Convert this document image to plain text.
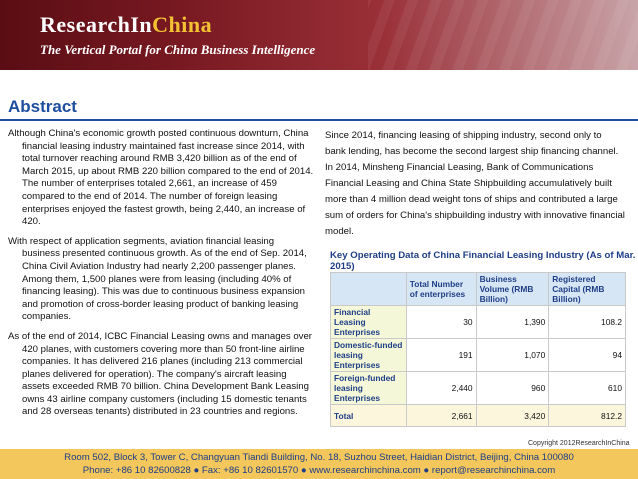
ResearchInChina
The Vertical Portal for China Business Intelligence
Abstract

Although China's economic growth posted continuous downturn, China financial leasing industry maintained fast increase since 2014, with total turnover reaching around RMB 3,420 billion as of the end of March 2015, up about RMB 220 billion compared to the end of 2014. The number of enterprises totaled 2,661, an increase of 459 compared to the end of 2014. The number of foreign leasing enterprises enjoyed the fastest growth, being 2,440, an increase of 420.

With respect of application segments, aviation financial leasing business presented continuous growth. As of the end of Sep. 2014, China Civil Aviation Industry had nearly 2,200 passenger planes. Among them, 1,500 planes were from leasing (including 40% of financing leasing). This was due to continuous business expansion and promotion of cross-border leasing product of banking leasing companies.

As of the end of 2014, ICBC Financial Leasing owns and manages over 420 planes, with customers covering more than 50 front-line airline companies. It has delivered 216 planes (including 213 commercial planes delivered for operation). The company's aircraft leasing assets exceeded RMB 70 billion. China Development Bank Leasing owns 43 airline company customers (including 15 domestic tenants and 28 overseas tenants) distributed in 23 countries and regions.

Since 2014, financing leasing of shipping industry, second only to bank lending, has become the second largest ship financing channel. In 2014, Minsheng Financial Leasing, Bank of Communications Financial Leasing and China State Shipbuilding accumulatively built more than 4 million dead weight tons of ships and contributed a large sum of orders for China's shipbuilding industry with innovative financial model.

Key Operating Data of China Financial Leasing Industry (As of Mar. 2015)
	Total Number of enterprises	Business Volume (RMB Billion)	Registered Capital (RMB Billion)
Financial Leasing Enterprises	30	1,390	108.2
Domestic-funded leasing Enterprises	191	1,070	94
Foreign-funded leasing Enterprises	2,440	960	610
Total	2,661	3,420	812.2
Copyright 2012ResearchInChina
Room 502, Block 3, Tower C, Changyuan Tiandi Building, No. 18, Suzhou Street, Haidian District, Beijing, China 100080
Phone: +86 10 82600828 ● Fax: +86 10 82601570 ● www.researchinchina.com ● report@researchinchina.com
